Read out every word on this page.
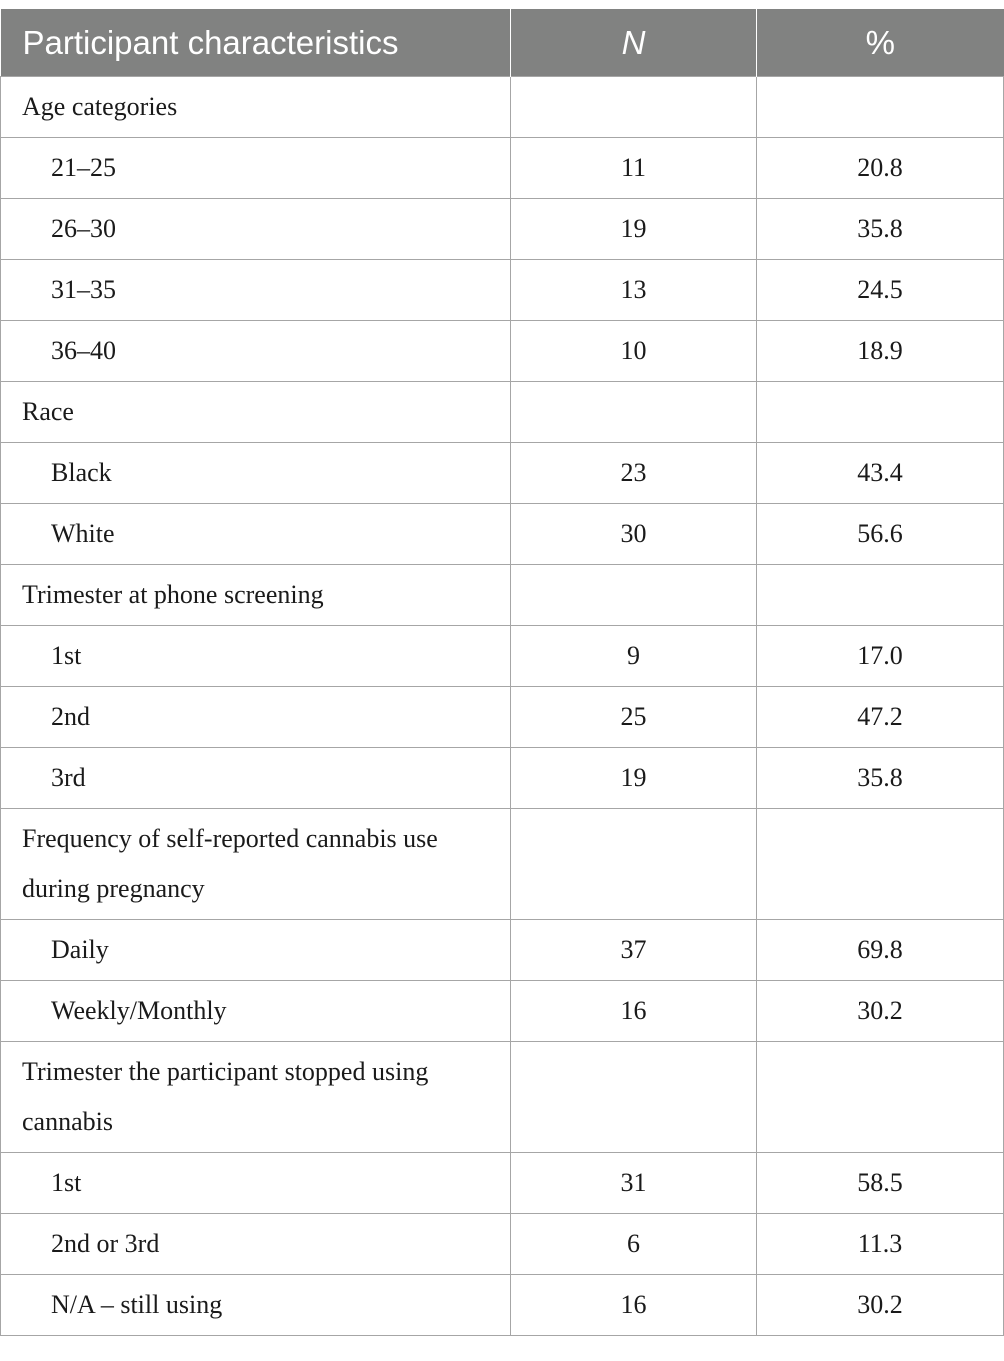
Participant characteristics	N	%
Age categories		
21–25	11	20.8
26–30	19	35.8
31–35	13	24.5
36–40	10	18.9
Race		
Black	23	43.4
White	30	56.6
Trimester at phone screening		
1st	9	17.0
2nd	25	47.2
3rd	19	35.8
Frequency of self-reported cannabis use during pregnancy		
Daily	37	69.8
Weekly/Monthly	16	30.2
Trimester the participant stopped using cannabis		
1st	31	58.5
2nd or 3rd	6	11.3
N/A – still using	16	30.2
